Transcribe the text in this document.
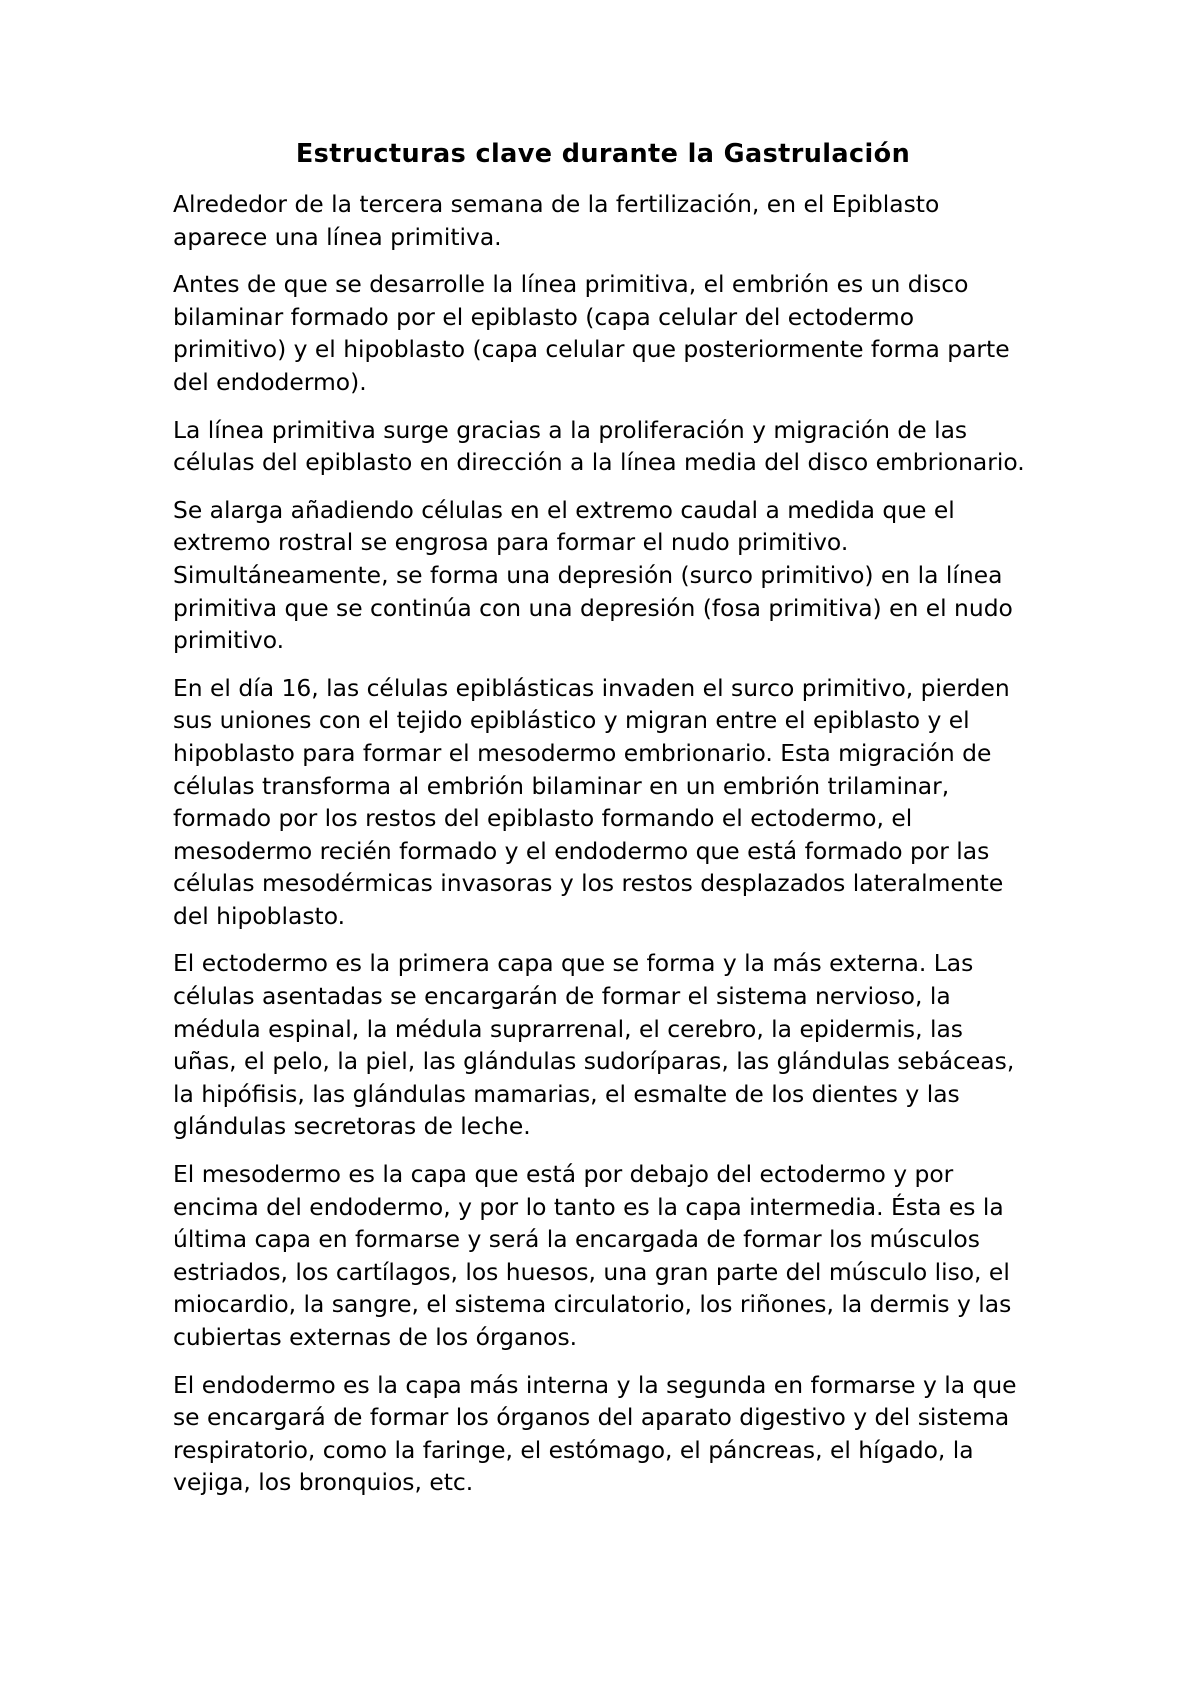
Estructuras clave durante la Gastrulación

Alrededor de la tercera semana de la fertilización, en el Epiblasto aparece una línea primitiva.

Antes de que se desarrolle la línea primitiva, el embrión es un disco bilaminar formado por el epiblasto (capa celular del ectodermo primitivo) y el hipoblasto (capa celular que posteriormente forma parte del endodermo).

La línea primitiva surge gracias a la proliferación y migración de las células del epiblasto en dirección a la línea media del disco embrionario.

Se alarga añadiendo células en el extremo caudal a medida que el extremo rostral se engrosa para formar el nudo primitivo. Simultáneamente, se forma una depresión (surco primitivo) en la línea primitiva que se continúa con una depresión (fosa primitiva) en el nudo primitivo.

En el día 16, las células epiblásticas invaden el surco primitivo, pierden sus uniones con el tejido epiblástico y migran entre el epiblasto y el hipoblasto para formar el mesodermo embrionario. Esta migración de células transforma al embrión bilaminar en un embrión trilaminar, formado por los restos del epiblasto formando el ectodermo, el mesodermo recién formado y el endodermo que está formado por las células mesodérmicas invasoras y los restos desplazados lateralmente del hipoblasto.

El ectodermo es la primera capa que se forma y la más externa. Las células asentadas se encargarán de formar el sistema nervioso, la médula espinal, la médula suprarrenal, el cerebro, la epidermis, las uñas, el pelo, la piel, las glándulas sudoríparas, las glándulas sebáceas, la hipófisis, las glándulas mamarias, el esmalte de los dientes y las glándulas secretoras de leche.

El mesodermo es la capa que está por debajo del ectodermo y por encima del endodermo, y por lo tanto es la capa intermedia. Ésta es la última capa en formarse y será la encargada de formar los músculos estriados, los cartílagos, los huesos, una gran parte del músculo liso, el miocardio, la sangre, el sistema circulatorio, los riñones, la dermis y las cubiertas externas de los órganos.

El endodermo es la capa más interna y la segunda en formarse y la que se encargará de formar los órganos del aparato digestivo y del sistema respiratorio, como la faringe, el estómago, el páncreas, el hígado, la vejiga, los bronquios, etc.
